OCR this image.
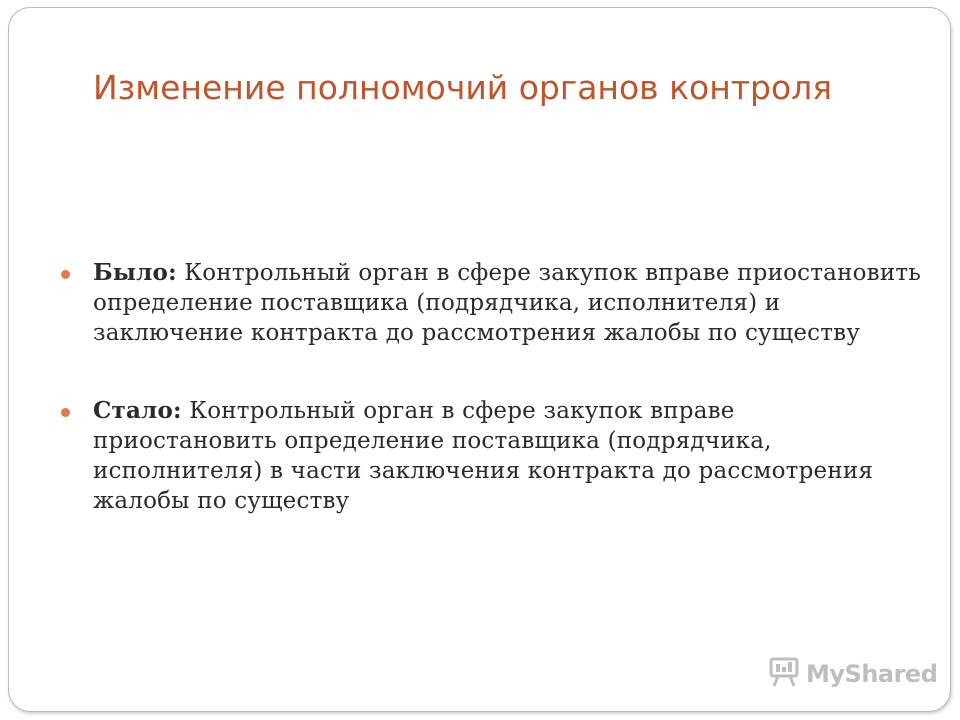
Изменение полномочий органов контроля
Было: Контрольный орган в сфере закупок вправе приостановить определение поставщика (подрядчика, исполнителя) и заключение контракта до рассмотрения жалобы по существу
Стало: Контрольный орган в сфере закупок вправе приостановить определение поставщика (подрядчика, исполнителя) в части заключения контракта до рассмотрения жалобы по существу
MyShared
